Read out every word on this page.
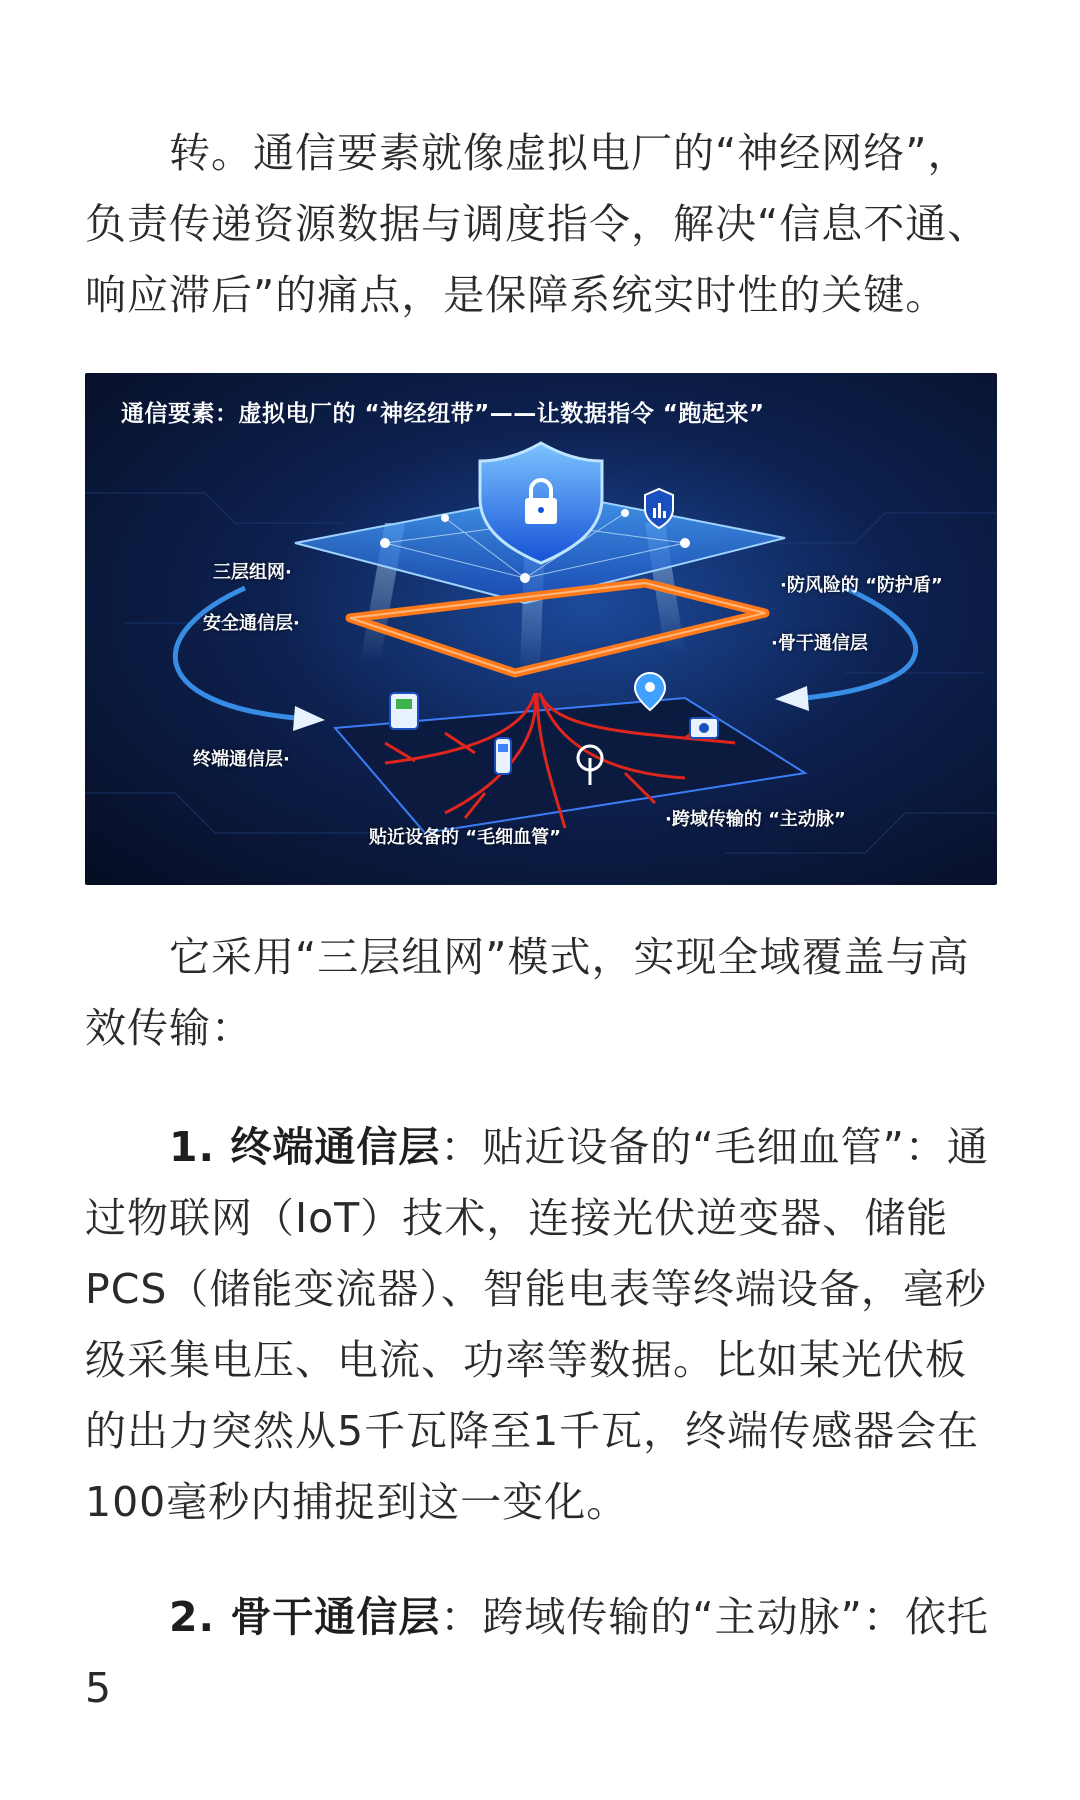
转。通信要素就像虚拟电厂的“神经网络”，负责传递资源数据与调度指令，解决“信息不通、响应滞后”的痛点，是保障系统实时性的关键。

通信要素：虚拟电厂的 “神经纽带”——让数据指令 “跑起来”
三层组网·
安全通信层·
终端通信层·
·防风险的 “防护盾”
·骨干通信层
贴近设备的 “毛细血管”
·跨域传输的 “主动脉”

它采用“三层组网”模式，实现全域覆盖与高效传输：

1. 终端通信层：贴近设备的“毛细血管”：通过物联网（IoT）技术，连接光伏逆变器、储能PCS（储能变流器）、智能电表等终端设备，毫秒级采集电压、电流、功率等数据。比如某光伏板的出力突然从5千瓦降至1千瓦，终端传感器会在100毫秒内捕捉到这一变化。

2. 骨干通信层：跨域传输的“主动脉”：依托5
